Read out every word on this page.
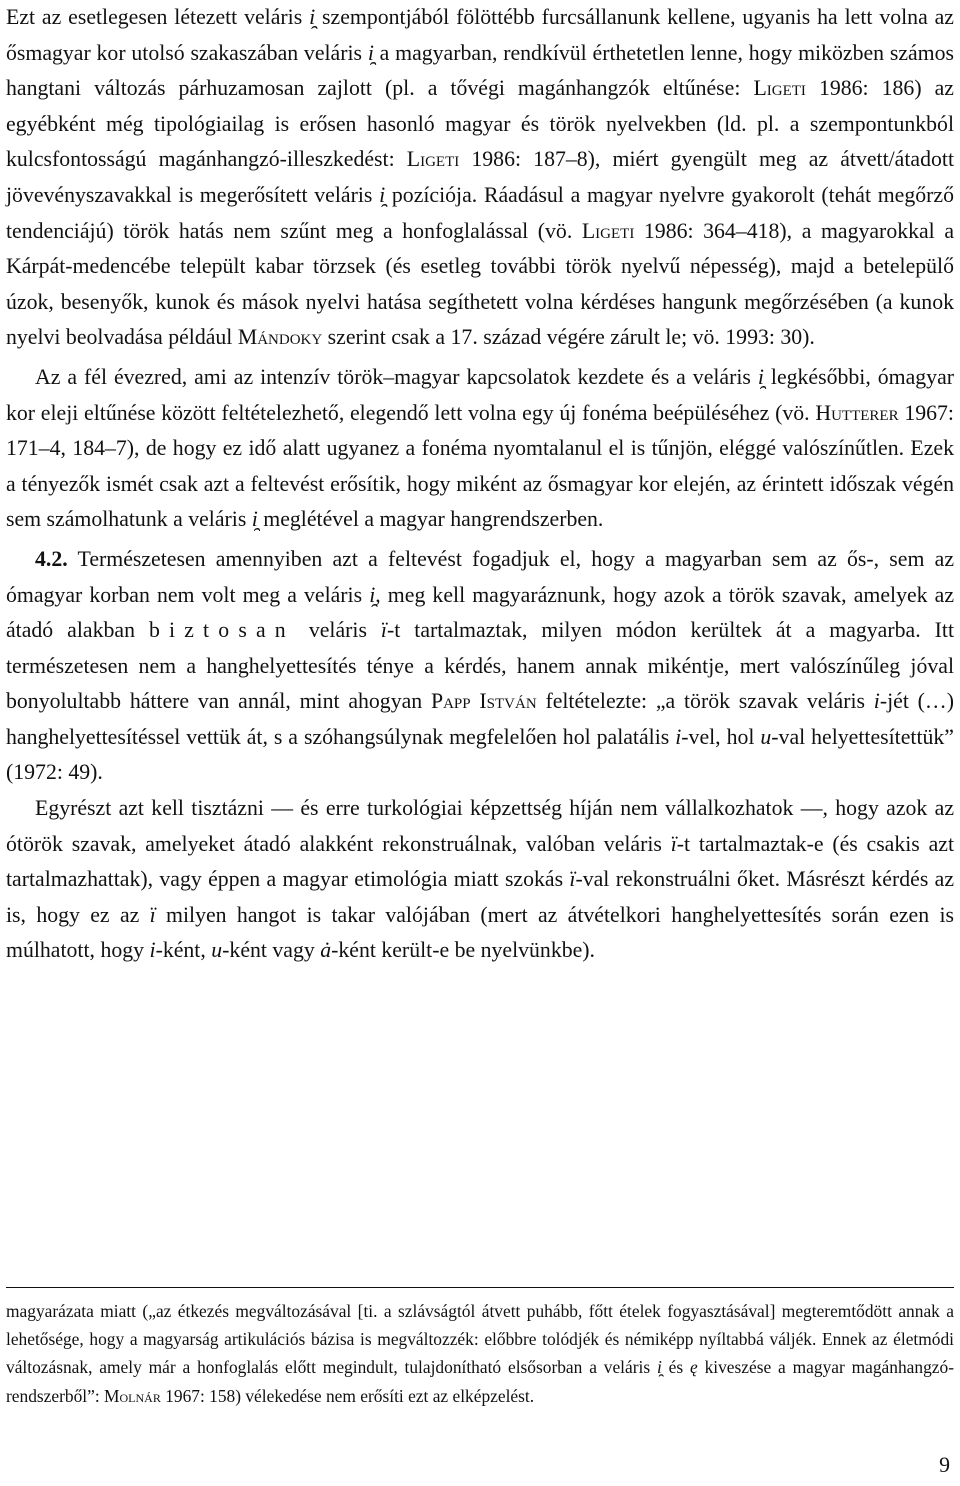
Ezt az esetlegesen létezett veláris i̯ szempontjából fölöttébb furcsállanunk kellene, ugyanis ha lett volna az ősmagyar kor utolsó szakaszában veláris i̯ a magyarban, rendkívül érthetetlen lenne, hogy miközben számos hangtani változás párhuzamosan zajlott (pl. a tővégi magánhangzók eltűnése: Ligeti 1986: 186) az egyébként még tipológiailag is erősen hasonló magyar és török nyelvekben (ld. pl. a szempontunkból kulcsfontosságú magánhangzó-illeszkedést: Ligeti 1986: 187–8), miért gyengült meg az átvett/átadott jövevényszavakkal is megerősített veláris i̯ pozíciója. Ráadásul a magyar nyelvre gyakorolt (tehát megőrző tendenciájú) török hatás nem szűnt meg a honfoglalással (vö. Ligeti 1986: 364–418), a magyarokkal a Kárpát-medencébe települt kabar törzsek (és esetleg további török nyelvű népesség), majd a betelepülő úzok, besenyők, kunok és mások nyelvi hatása segíthetett volna kérdéses hangunk megőrzésében (a kunok nyelvi beolvadása például Mándoky szerint csak a 17. század végére zárult le; vö. 1993: 30).

Az a fél évezred, ami az intenzív török–magyar kapcsolatok kezdete és a veláris i̯ legkésőbbi, ómagyar kor eleji eltűnése között feltételezhető, elegendő lett volna egy új fonéma beépüléséhez (vö. Hutterer 1967: 171–4, 184–7), de hogy ez idő alatt ugyanez a fonéma nyomtalanul el is tűnjön, eléggé valószínűtlen. Ezek a tényezők ismét csak azt a feltevést erősítik, hogy miként az ősmagyar kor elején, az érintett időszak végén sem számolhatunk a veláris i̯ meglétével a magyar hangrendszerben.

4.2. Természetesen amennyiben azt a feltevést fogadjuk el, hogy a magyarban sem az ős-, sem az ómagyar korban nem volt meg a veláris i̯, meg kell magyaráznunk, hogy azok a török szavak, amelyek az átadó alakban biztosan veláris ï-t tartalmaztak, milyen módon kerültek át a magyarba. Itt természetesen nem a hanghelyettesítés ténye a kérdés, hanem annak mikéntje, mert valószínűleg jóval bonyolultabb háttere van annál, mint ahogyan Papp István feltételezte: „a török szavak veláris i-jét (…) hanghelyettesítéssel vettük át, s a szóhangsúlynak megfelelően hol palatális i-vel, hol u-val helyettesítettük” (1972: 49).

Egyrészt azt kell tisztázni — és erre turkológiai képzettség híján nem vállalkozhatok —, hogy azok az ótörök szavak, amelyeket átadó alakként rekonstruálnak, valóban veláris ï-t tartalmaztak-e (és csakis azt tartalmazhattak), vagy éppen a magyar etimológia miatt szokás ï-val rekonstruálni őket. Másrészt kérdés az is, hogy ez az ï milyen hangot is takar valójában (mert az átvételkori hanghelyettesítés során ezen is múlhatott, hogy i-ként, u-ként vagy ȧ-ként került-e be nyelvünkbe).

magyarázata miatt („az étkezés megváltozásával [ti. a szlávságtól átvett puhább, főtt ételek fogyasztásával] megteremtődött annak a lehetősége, hogy a magyarság artikulációs bázisa is megváltozzék: előbbre tolódjék és némiképp nyíltabbá váljék. Ennek az életmódi változásnak, amely már a honfoglalás előtt megindult, tulajdonítható elsősorban a veláris i̯ és ę kiveszése a magyar magánhangzó-rendszerből”: Molnár 1967: 158) vélekedése nem erősíti ezt az elképzelést.

9
